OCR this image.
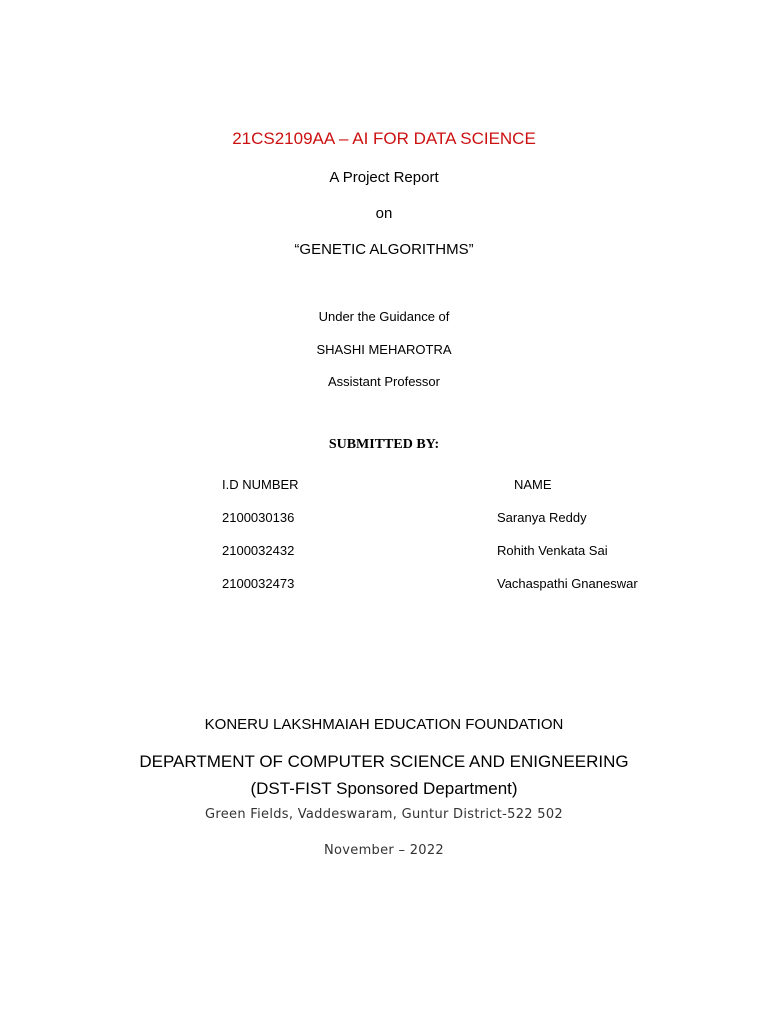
21CS2109AA – AI FOR DATA SCIENCE
A Project Report
on
“GENETIC ALGORITHMS”
Under the Guidance of
SHASHI MEHAROTRA
Assistant Professor
SUBMITTED BY:
I.D NUMBER	NAME
2100030136	Saranya Reddy
2100032432	Rohith Venkata Sai
2100032473	Vachaspathi Gnaneswar
KONERU LAKSHMAIAH EDUCATION FOUNDATION
DEPARTMENT OF COMPUTER SCIENCE AND ENIGNEERING
(DST-FIST Sponsored Department)
Green Fields, Vaddeswaram, Guntur District-522 502
November – 2022
